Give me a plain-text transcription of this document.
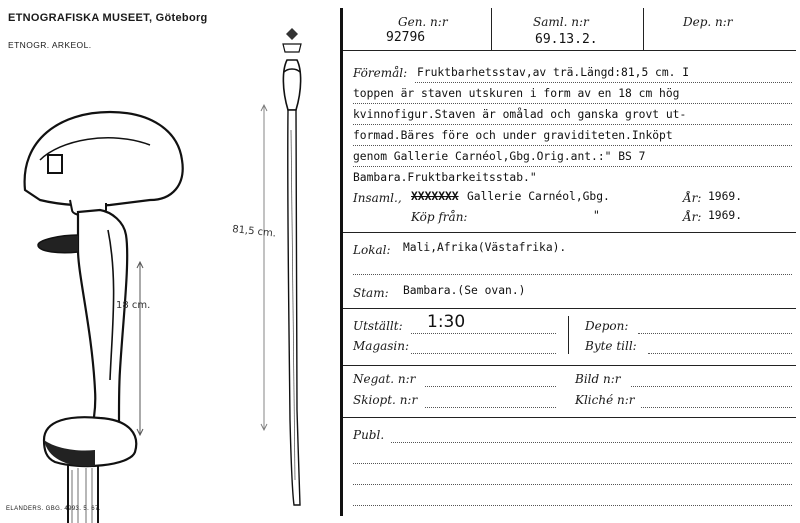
ETNOGRAFISKA MUSEET, Göteborg
ETNOGR. ARKEOL.
18 cm.
81,5 cm.
ELANDERS. GBG. 4993. 5. 67.
Gen. n:r
92796
Saml. n:r
69.13.2.
Dep. n:r
Föremål: Fruktbarhetsstav,av trä.Längd:81,5 cm. I
toppen är staven utskuren i form av en 18 cm hög
kvinnofigur.Staven är omålad och ganska grovt ut-
formad.Bäres före och under graviditeten.Inköpt
genom Gallerie Carnéol,Gbg.Orig.ant.:" BS 7
Bambara.Fruktbarkeitsstab."
Insaml., XXXXXXX Gallerie Carnéol,Gbg.	År: 1969.
Köp från:	"	År: 1969.
Lokal: Mali,Afrika(Västafrika).
Stam: Bambara.(Se ovan.)
Utställt: 1:30	Depon:
Magasin:	Byte till:
Negat. n:r	Bild n:r
Skiopt. n:r	Kliché n:r
Publ.
